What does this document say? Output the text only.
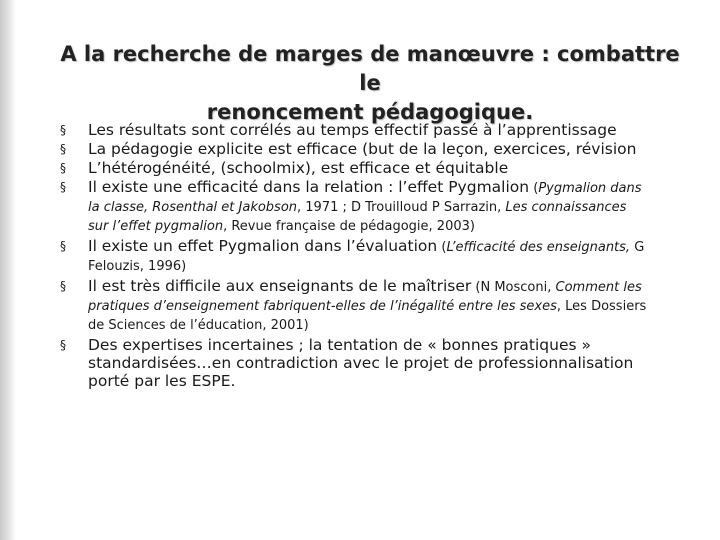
A la recherche de marges de manœuvre : combattre le
renoncement pédagogique.
§	Les résultats sont corrélés au temps effectif passé à l’apprentissage
§	La pédagogie explicite est efficace (but de la leçon, exercices, révision
§	L’hétérogénéité, (schoolmix), est efficace et équitable
§	Il existe une efficacité dans la relation : l’effet Pygmalion (Pygmalion dans la classe, Rosenthal et Jakobson, 1971 ; D Trouilloud P Sarrazin, Les connaissances sur l’effet pygmalion, Revue française de pédagogie, 2003)
§	Il existe un effet Pygmalion dans l’évaluation (L’efficacité des enseignants, G Felouzis, 1996)
§	Il est très difficile aux enseignants de le maîtriser (N Mosconi, Comment les pratiques d’enseignement fabriquent-elles de l’inégalité entre les sexes, Les Dossiers de Sciences de l’éducation, 2001)
§	Des expertises incertaines ; la tentation de « bonnes pratiques » standardisées…en contradiction avec le projet de professionnalisation porté par les ESPE.
